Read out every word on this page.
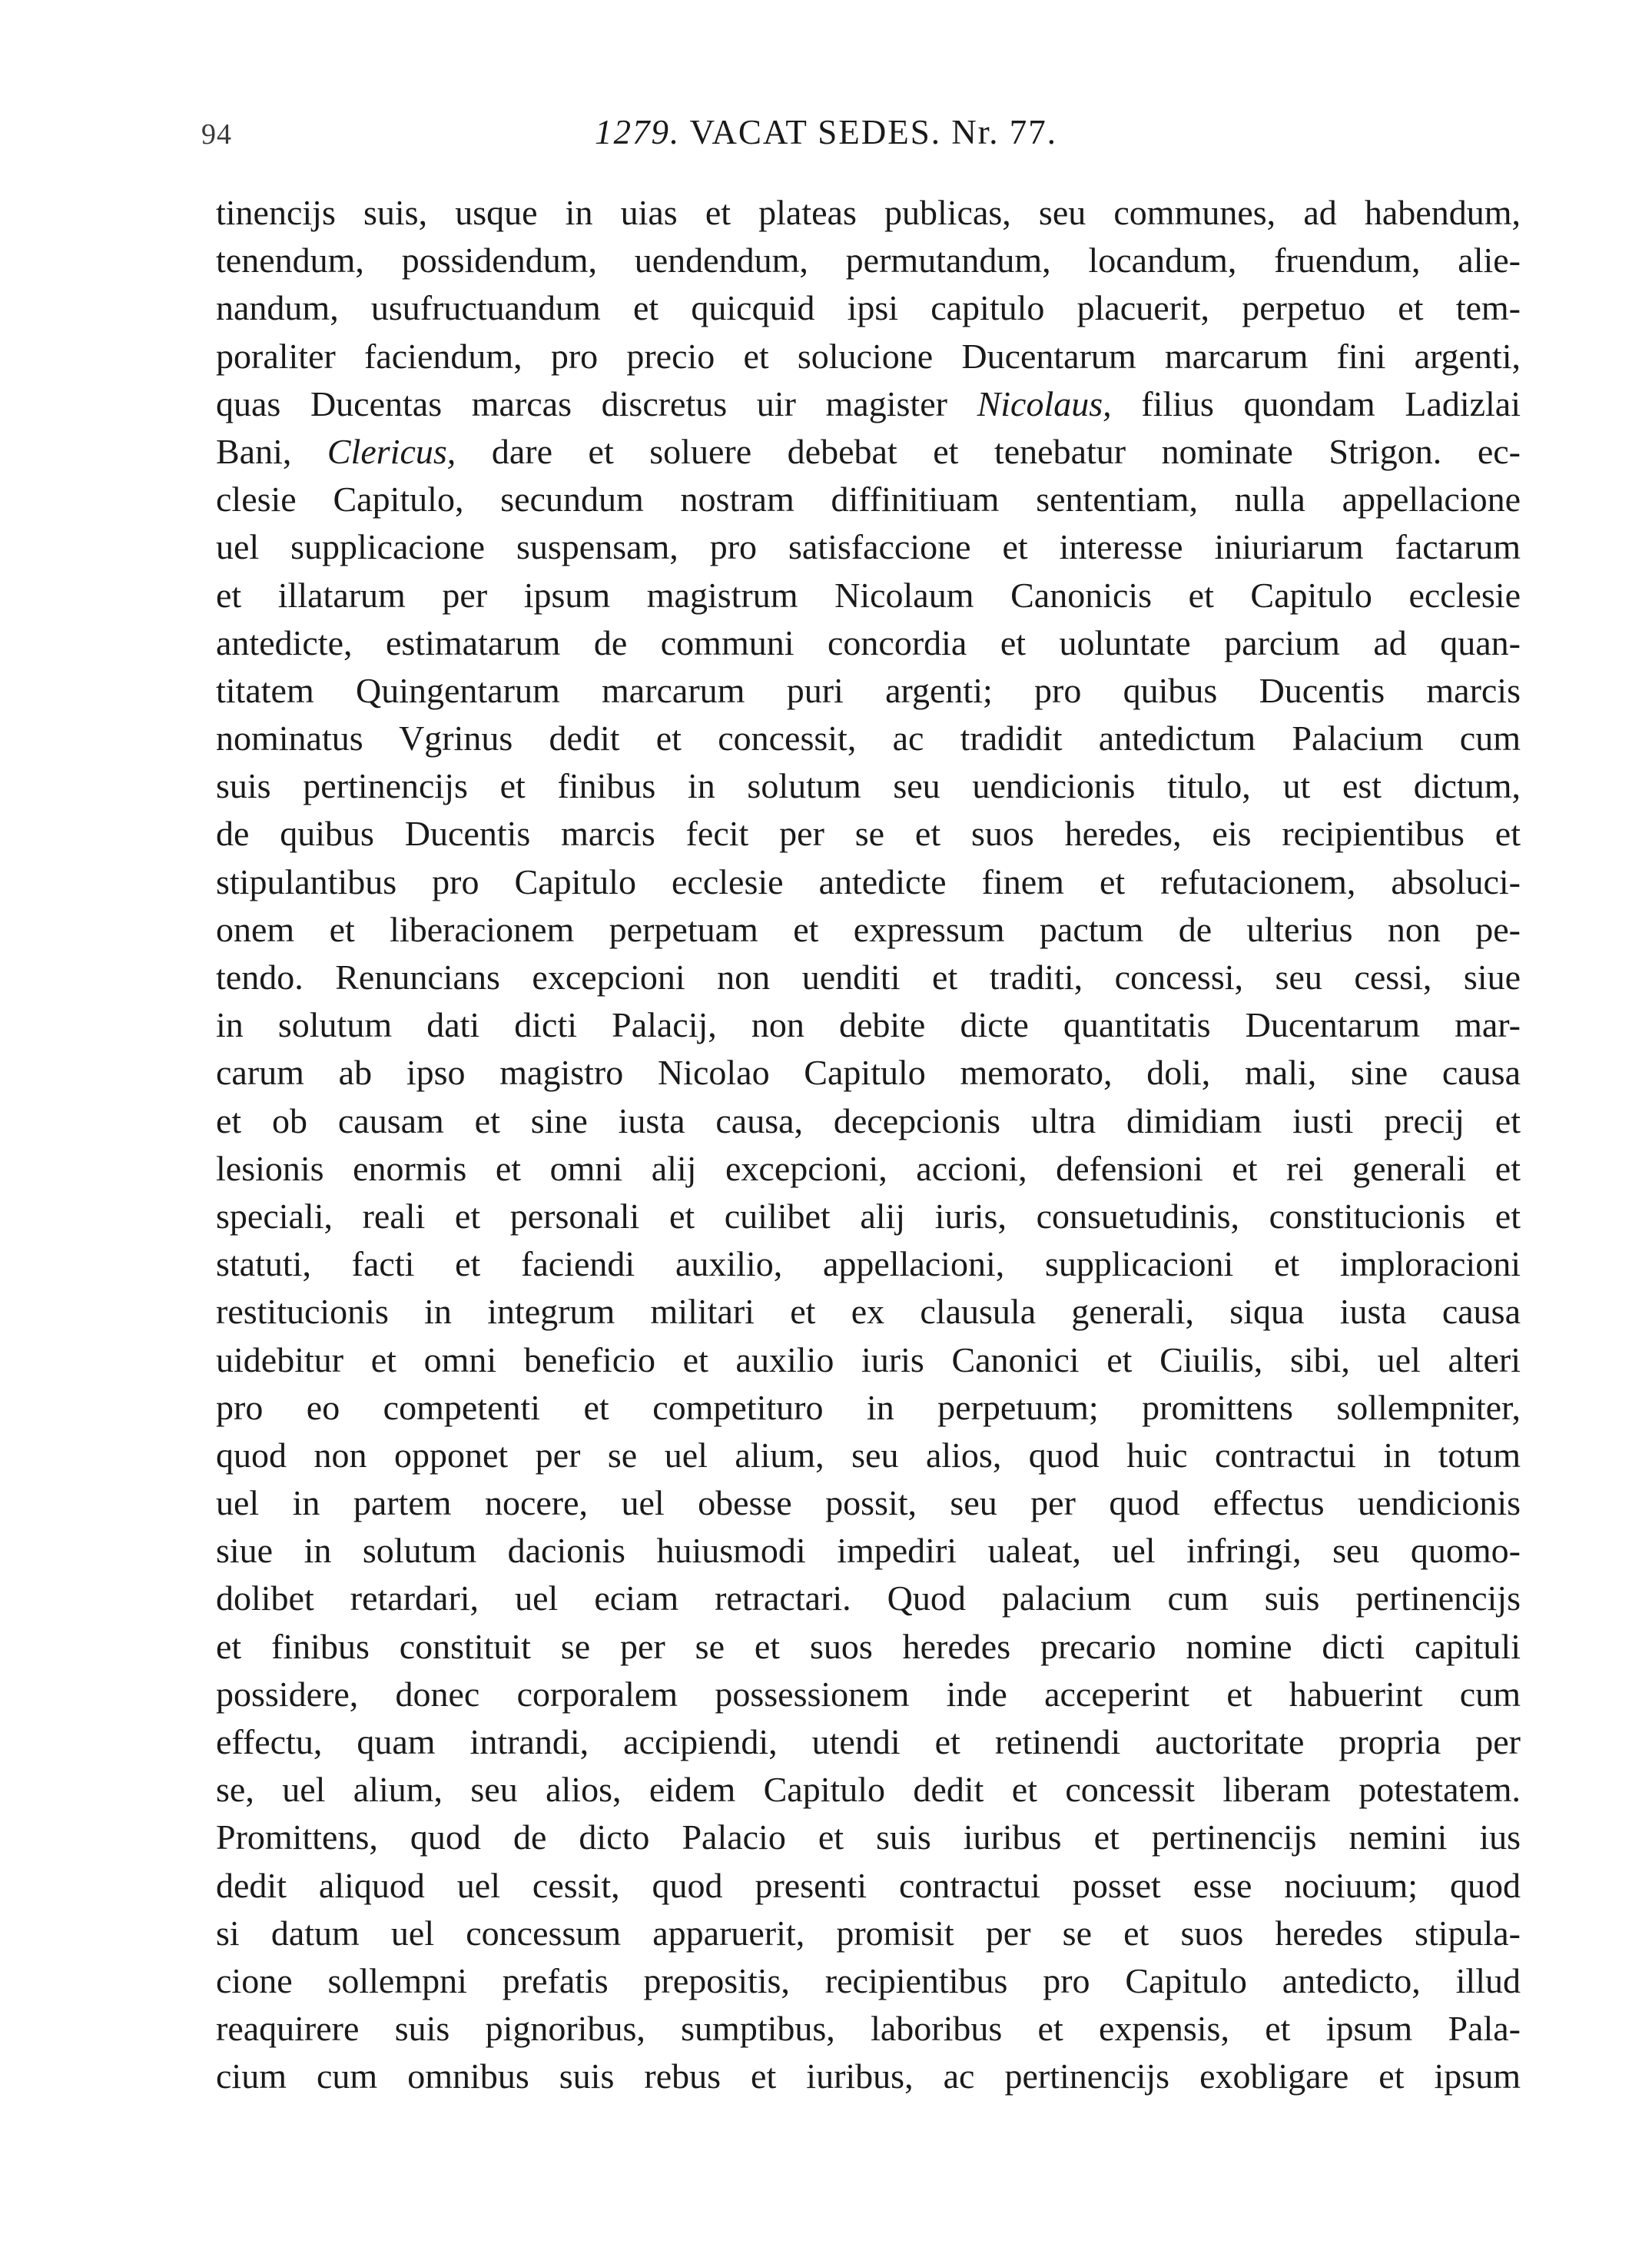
94	1279. VACAT SEDES. Nr. 77.
tinencijs suis, usque in uias et plateas publicas, seu communes, ad habendum,
tenendum, possidendum, uendendum, permutandum, locandum, fruendum, alie-
nandum, usufructuandum et quicquid ipsi capitulo placuerit, perpetuo et tem-
poraliter faciendum, pro precio et solucione Ducentarum marcarum fini argenti,
quas Ducentas marcas discretus uir magister Nicolaus, filius quondam Ladizlai
Bani, Clericus, dare et soluere debebat et tenebatur nominate Strigon. ec-
clesie Capitulo, secundum nostram diffinitiuam sententiam, nulla appellacione
uel supplicacione suspensam, pro satisfaccione et interesse iniuriarum factarum
et illatarum per ipsum magistrum Nicolaum Canonicis et Capitulo ecclesie
antedicte, estimatarum de communi concordia et uoluntate parcium ad quan-
titatem Quingentarum marcarum puri argenti; pro quibus Ducentis marcis
nominatus Vgrinus dedit et concessit, ac tradidit antedictum Palacium cum
suis pertinencijs et finibus in solutum seu uendicionis titulo, ut est dictum,
de quibus Ducentis marcis fecit per se et suos heredes, eis recipientibus et
stipulantibus pro Capitulo ecclesie antedicte finem et refutacionem, absoluci-
onem et liberacionem perpetuam et expressum pactum de ulterius non pe-
tendo. Renuncians excepcioni non uenditi et traditi, concessi, seu cessi, siue
in solutum dati dicti Palacij, non debite dicte quantitatis Ducentarum mar-
carum ab ipso magistro Nicolao Capitulo memorato, doli, mali, sine causa
et ob causam et sine iusta causa, decepcionis ultra dimidiam iusti precij et
lesionis enormis et omni alij excepcioni, accioni, defensioni et rei generali et
speciali, reali et personali et cuilibet alij iuris, consuetudinis, constitucionis et
statuti, facti et faciendi auxilio, appellacioni, supplicacioni et imploracioni
restitucionis in integrum militari et ex clausula generali, siqua iusta causa
uidebitur et omni beneficio et auxilio iuris Canonici et Ciuilis, sibi, uel alteri
pro eo competenti et competituro in perpetuum; promittens sollempniter,
quod non opponet per se uel alium, seu alios, quod huic contractui in totum
uel in partem nocere, uel obesse possit, seu per quod effectus uendicionis
siue in solutum dacionis huiusmodi impediri ualeat, uel infringi, seu quomo-
dolibet retardari, uel eciam retractari. Quod palacium cum suis pertinencijs
et finibus constituit se per se et suos heredes precario nomine dicti capituli
possidere, donec corporalem possessionem inde acceperint et habuerint cum
effectu, quam intrandi, accipiendi, utendi et retinendi auctoritate propria per
se, uel alium, seu alios, eidem Capitulo dedit et concessit liberam potestatem.
Promittens, quod de dicto Palacio et suis iuribus et pertinencijs nemini ius
dedit aliquod uel cessit, quod presenti contractui posset esse nociuum; quod
si datum uel concessum apparuerit, promisit per se et suos heredes stipula-
cione sollempni prefatis prepositis, recipientibus pro Capitulo antedicto, illud
reaquirere suis pignoribus, sumptibus, laboribus et expensis, et ipsum Pala-
cium cum omnibus suis rebus et iuribus, ac pertinencijs exobligare et ipsum
